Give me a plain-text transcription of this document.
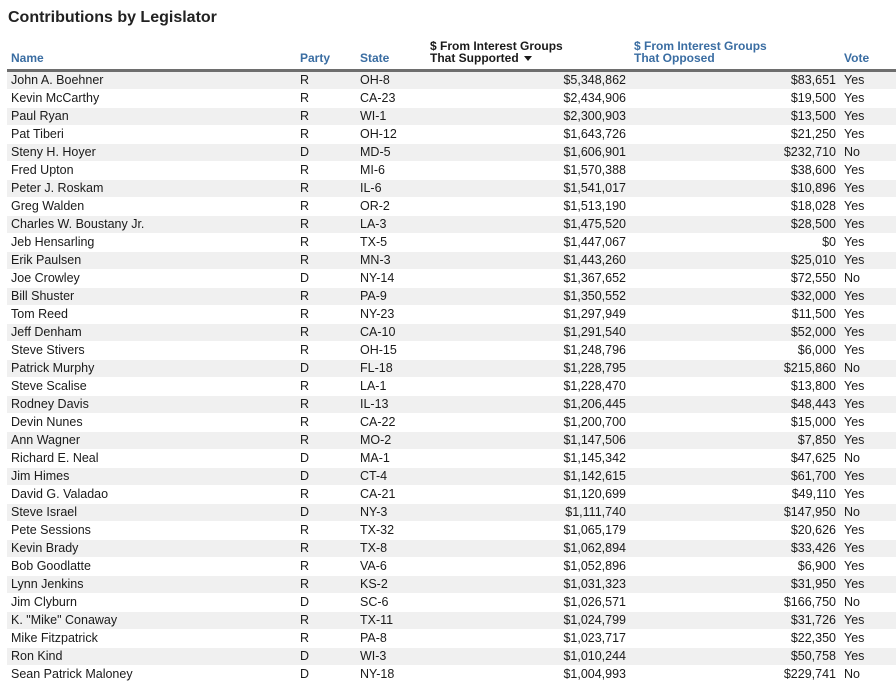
Contributions by Legislator
Name	Party	State	$ From Interest Groups
That Supported	$ From Interest Groups
That Opposed	Vote
John A. Boehner	R	OH-8	$5,348,862	$83,651	Yes
Kevin McCarthy	R	CA-23	$2,434,906	$19,500	Yes
Paul Ryan	R	WI-1	$2,300,903	$13,500	Yes
Pat Tiberi	R	OH-12	$1,643,726	$21,250	Yes
Steny H. Hoyer	D	MD-5	$1,606,901	$232,710	No
Fred Upton	R	MI-6	$1,570,388	$38,600	Yes
Peter J. Roskam	R	IL-6	$1,541,017	$10,896	Yes
Greg Walden	R	OR-2	$1,513,190	$18,028	Yes
Charles W. Boustany Jr.	R	LA-3	$1,475,520	$28,500	Yes
Jeb Hensarling	R	TX-5	$1,447,067	$0	Yes
Erik Paulsen	R	MN-3	$1,443,260	$25,010	Yes
Joe Crowley	D	NY-14	$1,367,652	$72,550	No
Bill Shuster	R	PA-9	$1,350,552	$32,000	Yes
Tom Reed	R	NY-23	$1,297,949	$11,500	Yes
Jeff Denham	R	CA-10	$1,291,540	$52,000	Yes
Steve Stivers	R	OH-15	$1,248,796	$6,000	Yes
Patrick Murphy	D	FL-18	$1,228,795	$215,860	No
Steve Scalise	R	LA-1	$1,228,470	$13,800	Yes
Rodney Davis	R	IL-13	$1,206,445	$48,443	Yes
Devin Nunes	R	CA-22	$1,200,700	$15,000	Yes
Ann Wagner	R	MO-2	$1,147,506	$7,850	Yes
Richard E. Neal	D	MA-1	$1,145,342	$47,625	No
Jim Himes	D	CT-4	$1,142,615	$61,700	Yes
David G. Valadao	R	CA-21	$1,120,699	$49,110	Yes
Steve Israel	D	NY-3	$1,111,740	$147,950	No
Pete Sessions	R	TX-32	$1,065,179	$20,626	Yes
Kevin Brady	R	TX-8	$1,062,894	$33,426	Yes
Bob Goodlatte	R	VA-6	$1,052,896	$6,900	Yes
Lynn Jenkins	R	KS-2	$1,031,323	$31,950	Yes
Jim Clyburn	D	SC-6	$1,026,571	$166,750	No
K. "Mike" Conaway	R	TX-11	$1,024,799	$31,726	Yes
Mike Fitzpatrick	R	PA-8	$1,023,717	$22,350	Yes
Ron Kind	D	WI-3	$1,010,244	$50,758	Yes
Sean Patrick Maloney	D	NY-18	$1,004,993	$229,741	No
